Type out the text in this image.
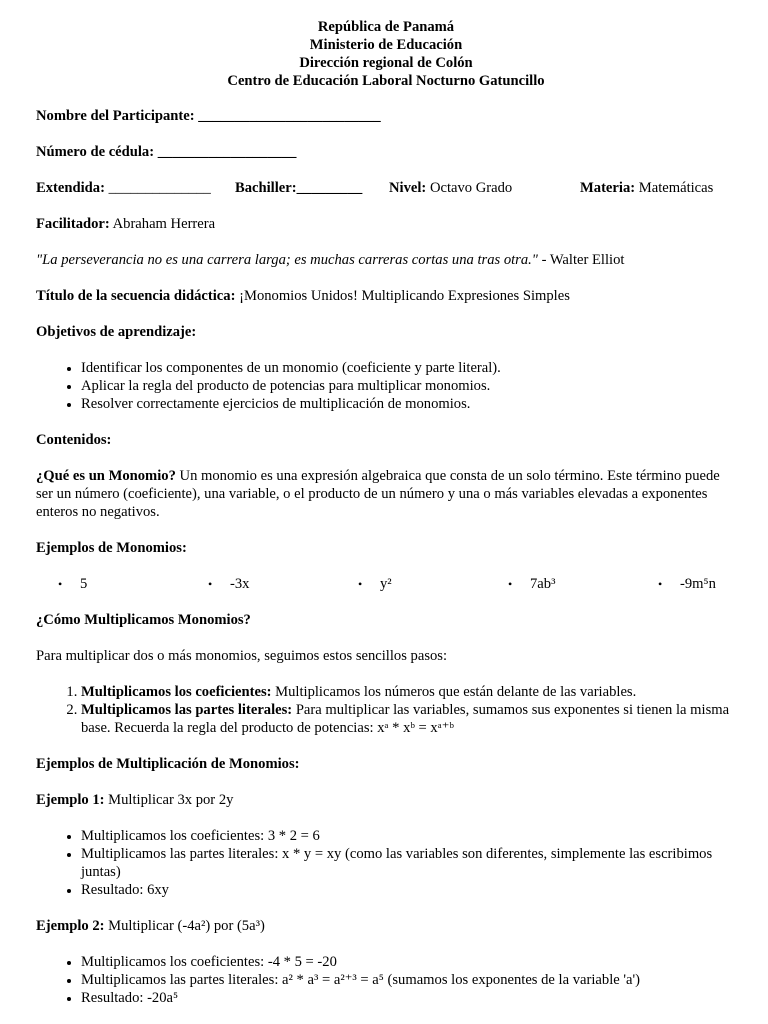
República de Panamá
Ministerio de Educación
Dirección regional de Colón
Centro de Educación Laboral Nocturno Gatuncillo

Nombre del Participante: _________________________

Número de cédula: ___________________

Extendida: ______________	Bachiller:_________	Nivel: Octavo Grado	Materia: Matemáticas

Facilitador: Abraham Herrera

"La perseverancia no es una carrera larga; es muchas carreras cortas una tras otra." - Walter Elliot

Título de la secuencia didáctica: ¡Monomios Unidos! Multiplicando Expresiones Simples

Objetivos de aprendizaje:

• Identificar los componentes de un monomio (coeficiente y parte literal).
• Aplicar la regla del producto de potencias para multiplicar monomios.
• Resolver correctamente ejercicios de multiplicación de monomios.

Contenidos:

¿Qué es un Monomio? Un monomio es una expresión algebraica que consta de un solo término. Este término puede ser un número (coeficiente), una variable, o el producto de un número y una o más variables elevadas a exponentes enteros no negativos.

Ejemplos de Monomios:

•5 •	-3x •	y² •	7ab³ •	-9m⁵n

¿Cómo Multiplicamos Monomios?

Para multiplicar dos o más monomios, seguimos estos sencillos pasos:

1. Multiplicamos los coeficientes: Multiplicamos los números que están delante de las variables.
2. Multiplicamos las partes literales: Para multiplicar las variables, sumamos sus exponentes si tienen la misma base. Recuerda la regla del producto de potencias: xᵃ * xᵇ = xᵃ⁺ᵇ

Ejemplos de Multiplicación de Monomios:

Ejemplo 1: Multiplicar 3x por 2y

• Multiplicamos los coeficientes: 3 * 2 = 6
• Multiplicamos las partes literales: x * y = xy (como las variables son diferentes, simplemente las escribimos juntas)
• Resultado: 6xy

Ejemplo 2: Multiplicar (-4a²) por (5a³)

• Multiplicamos los coeficientes: -4 * 5 = -20
• Multiplicamos las partes literales: a² * a³ = a²⁺³ = a⁵ (sumamos los exponentes de la variable 'a')
• Resultado: -20a⁵
